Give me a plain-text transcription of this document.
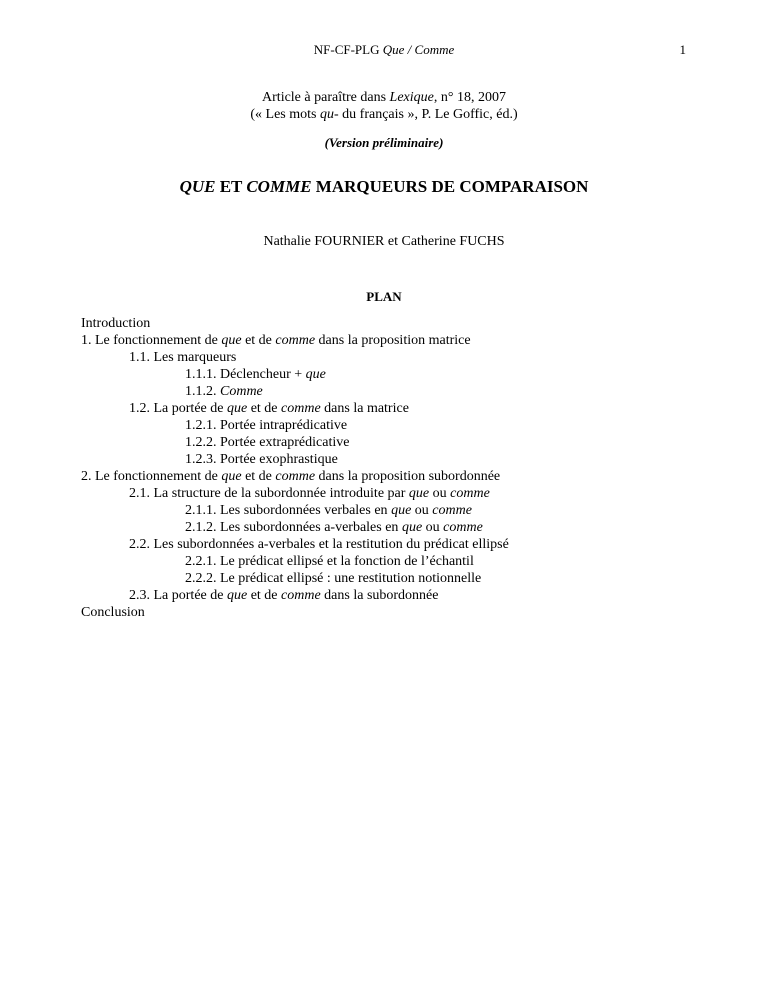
NF-CF-PLG Que / Comme	1
Article à paraître dans Lexique, n° 18, 2007
(« Les mots qu- du français », P. Le Goffic, éd.)
(Version préliminaire)
QUE ET COMME MARQUEURS DE COMPARAISON
Nathalie FOURNIER et Catherine FUCHS
PLAN
Introduction
1. Le fonctionnement de que et de comme dans la proposition matrice
1.1. Les marqueurs
1.1.1. Déclencheur + que
1.1.2. Comme
1.2. La portée de que et de comme dans la matrice
1.2.1. Portée intraprédicative
1.2.2. Portée extraprédicative
1.2.3. Portée exophrastique
2. Le fonctionnement de que et de comme dans la proposition subordonnée
2.1. La structure de la subordonnée introduite par que ou comme
2.1.1. Les subordonnées verbales en que ou comme
2.1.2. Les subordonnées a-verbales en que ou comme
2.2. Les subordonnées a-verbales et la restitution du prédicat ellipsé
2.2.1. Le prédicat ellipsé et la fonction de l’échantil
2.2.2. Le prédicat ellipsé : une restitution notionnelle
2.3. La portée de que et de comme dans la subordonnée
Conclusion
